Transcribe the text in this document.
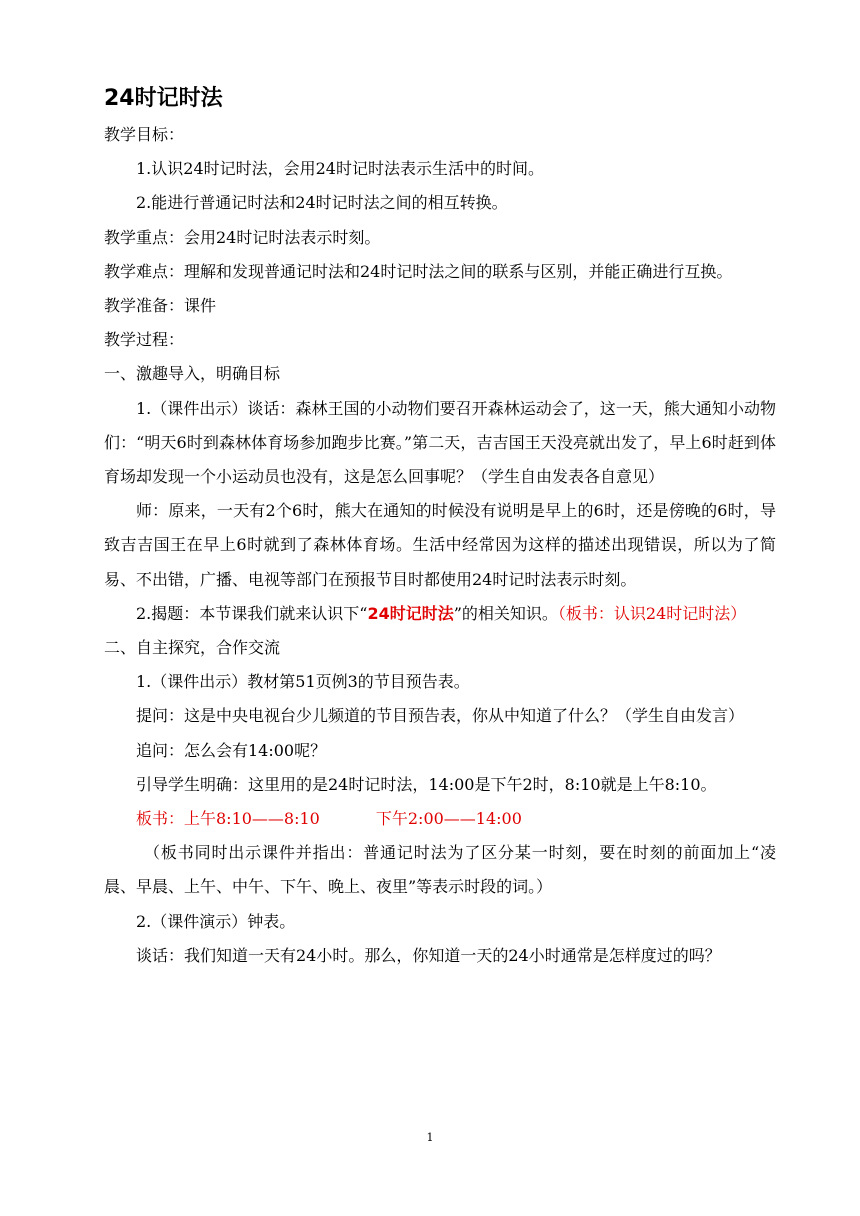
24时记时法

教学目标：

1.认识24时记时法，会用24时记时法表示生活中的时间。

2.能进行普通记时法和24时记时法之间的相互转换。

教学重点：会用24时记时法表示时刻。

教学难点：理解和发现普通记时法和24时记时法之间的联系与区别，并能正确进行互换。

教学准备：课件

教学过程：

一、激趣导入，明确目标

1.（课件出示）谈话：森林王国的小动物们要召开森林运动会了，这一天，熊大通知小动物们：“明天6时到森林体育场参加跑步比赛。”第二天，吉吉国王天没亮就出发了，早上6时赶到体育场却发现一个小运动员也没有，这是怎么回事呢？（学生自由发表各自意见）

师：原来，一天有2个6时，熊大在通知的时候没有说明是早上的6时，还是傍晚的6时，导致吉吉国王在早上6时就到了森林体育场。生活中经常因为这样的描述出现错误，所以为了简易、不出错，广播、电视等部门在预报节目时都使用24时记时法表示时刻。

2.揭题：本节课我们就来认识下“24时记时法”的相关知识。（板书：认识24时记时法）

二、自主探究，合作交流

1.（课件出示）教材第51页例3的节目预告表。

提问：这是中央电视台少儿频道的节目预告表，你从中知道了什么？（学生自由发言）

追问：怎么会有14:00呢？

引导学生明确：这里用的是24时记时法，14:00是下午2时，8:10就是上午8:10。

板书：上午8:10——8:10	下午2:00——14:00

（板书同时出示课件并指出：普通记时法为了区分某一时刻，要在时刻的前面加上“凌晨、早晨、上午、中午、下午、晚上、夜里”等表示时段的词。）

2.（课件演示）钟表。

谈话：我们知道一天有24小时。那么，你知道一天的24小时通常是怎样度过的吗？

1
